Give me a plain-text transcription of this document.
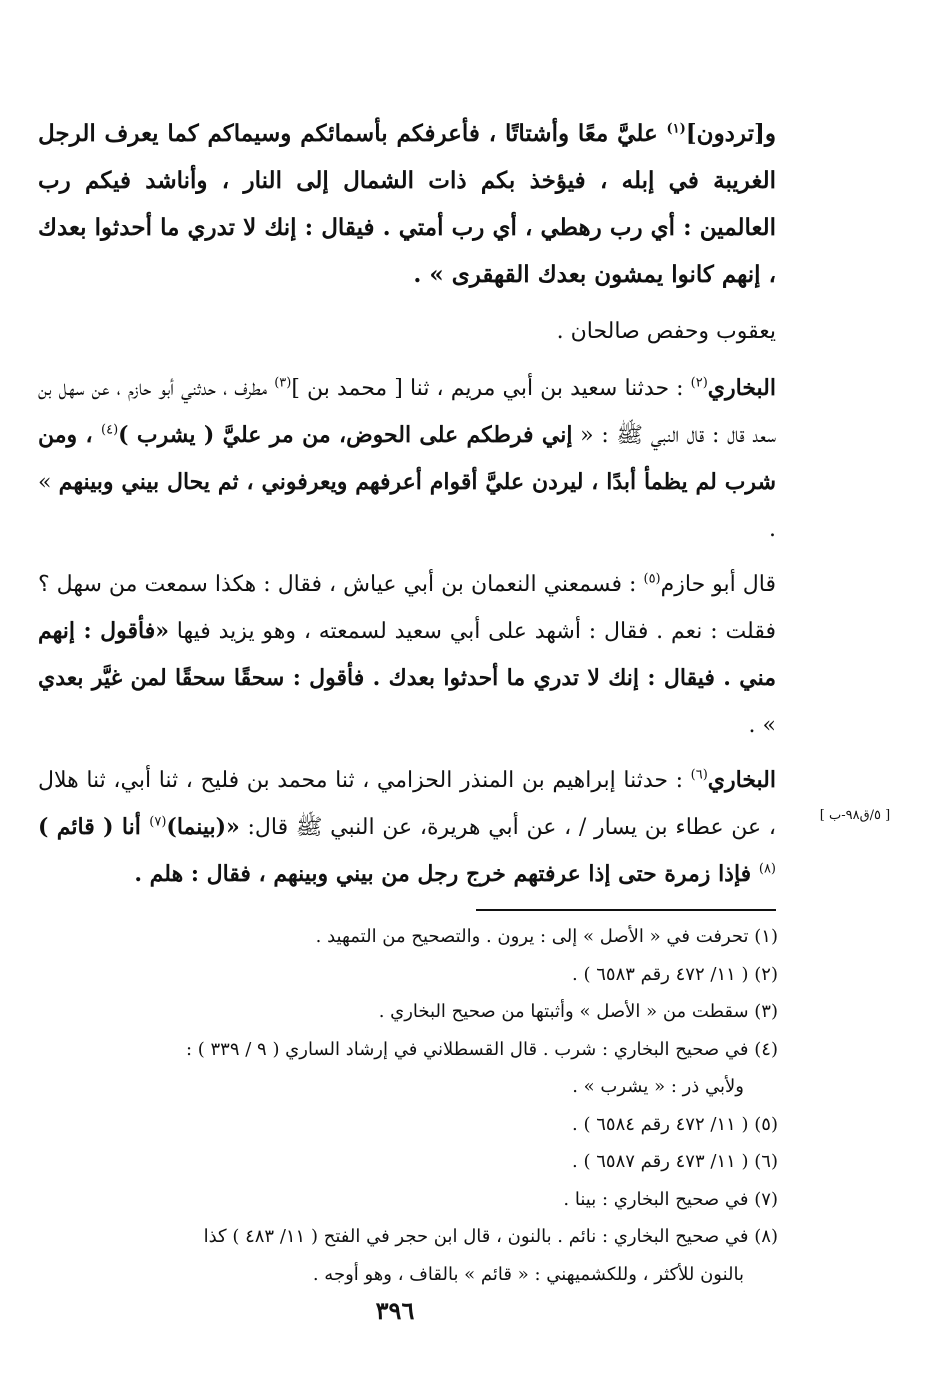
و[تردون]$^{(١)}$ عليَّ معًا وأشتاتًا ، فأعرفكم بأسمائكم وسيماكم كما يعرف الرجل الغريبة في إبله ، فيؤخذ بكم ذات الشمال إلى النار ، وأناشد فيكم رب العالمين : أي رب رهطي ، أي رب أمتي . فيقال : إنك لا تدري ما أحدثوا بعدك ، إنهم كانوا يمشون بعدك القهقرى » .

يعقوب وحفص صالحان .

البخاري$^{(٢)}$ : حدثنا سعيد بن أبي مريم ، ثنا [ محمد بن ]$^{(٣)}$ مطرف ، حدثني أبو حازم ، عن سهل بن سعد قال : قال النبي ﷺ : « إني فرطكم على الحوض، من مر عليَّ ( يشرب )$^{(٤)}$ ، ومن شرب لم يظمأ أبدًا ، ليردن عليَّ أقوام أعرفهم ويعرفوني ، ثم يحال بيني وبينهم » .

قال أبو حازم$^{(٥)}$ : فسمعني النعمان بن أبي عياش ، فقال : هكذا سمعت من سهل ؟ فقلت : نعم . فقال : أشهد على أبي سعيد لسمعته ، وهو يزيد فيها «فأقول : إنهم مني . فيقال : إنك لا تدري ما أحدثوا بعدك . فأقول : سحقًا سحقًا لمن غيَّر بعدي » .

البخاري$^{(٦)}$ : حدثنا إبراهيم بن المنذر الحزامي ، ثنا محمد بن فليح ، ثنا أبي، ثنا هلال ، عن عطاء بن يسار / ، عن أبي هريرة، عن النبي ﷺ قال: «(بينما)$^{(٧)}$ أنا ( قائم )$^{(٨)}$ فإذا زمرة حتى إذا عرفتهم خرج رجل من بيني وبينهم ، فقال : هلم .

[ ٥/ق٩٨-ب ]

(١) تحرفت في « الأصل » إلى : يرون . والتصحيح من التمهيد .

(٢) ( ١١/ ٤٧٢ رقم ٦٥٨٣ ) .

(٣) سقطت من « الأصل » وأثبتها من صحيح البخاري .

(٤) في صحيح البخاري : شرب . قال القسطلاني في إرشاد الساري ( ٩ / ٣٣٩ ) :
ولأبي ذر : « يشرب » .

(٥) ( ١١/ ٤٧٢ رقم ٦٥٨٤ ) .

(٦) ( ١١/ ٤٧٣ رقم ٦٥٨٧ ) .

(٧) في صحيح البخاري : بينا .

(٨) في صحيح البخاري : نائم . بالنون ، قال ابن حجر في الفتح ( ١١/ ٤٨٣ ) كذا
بالنون للأكثر ، وللكشميهني : « قائم » بالقاف ، وهو أوجه .

٣٩٦
